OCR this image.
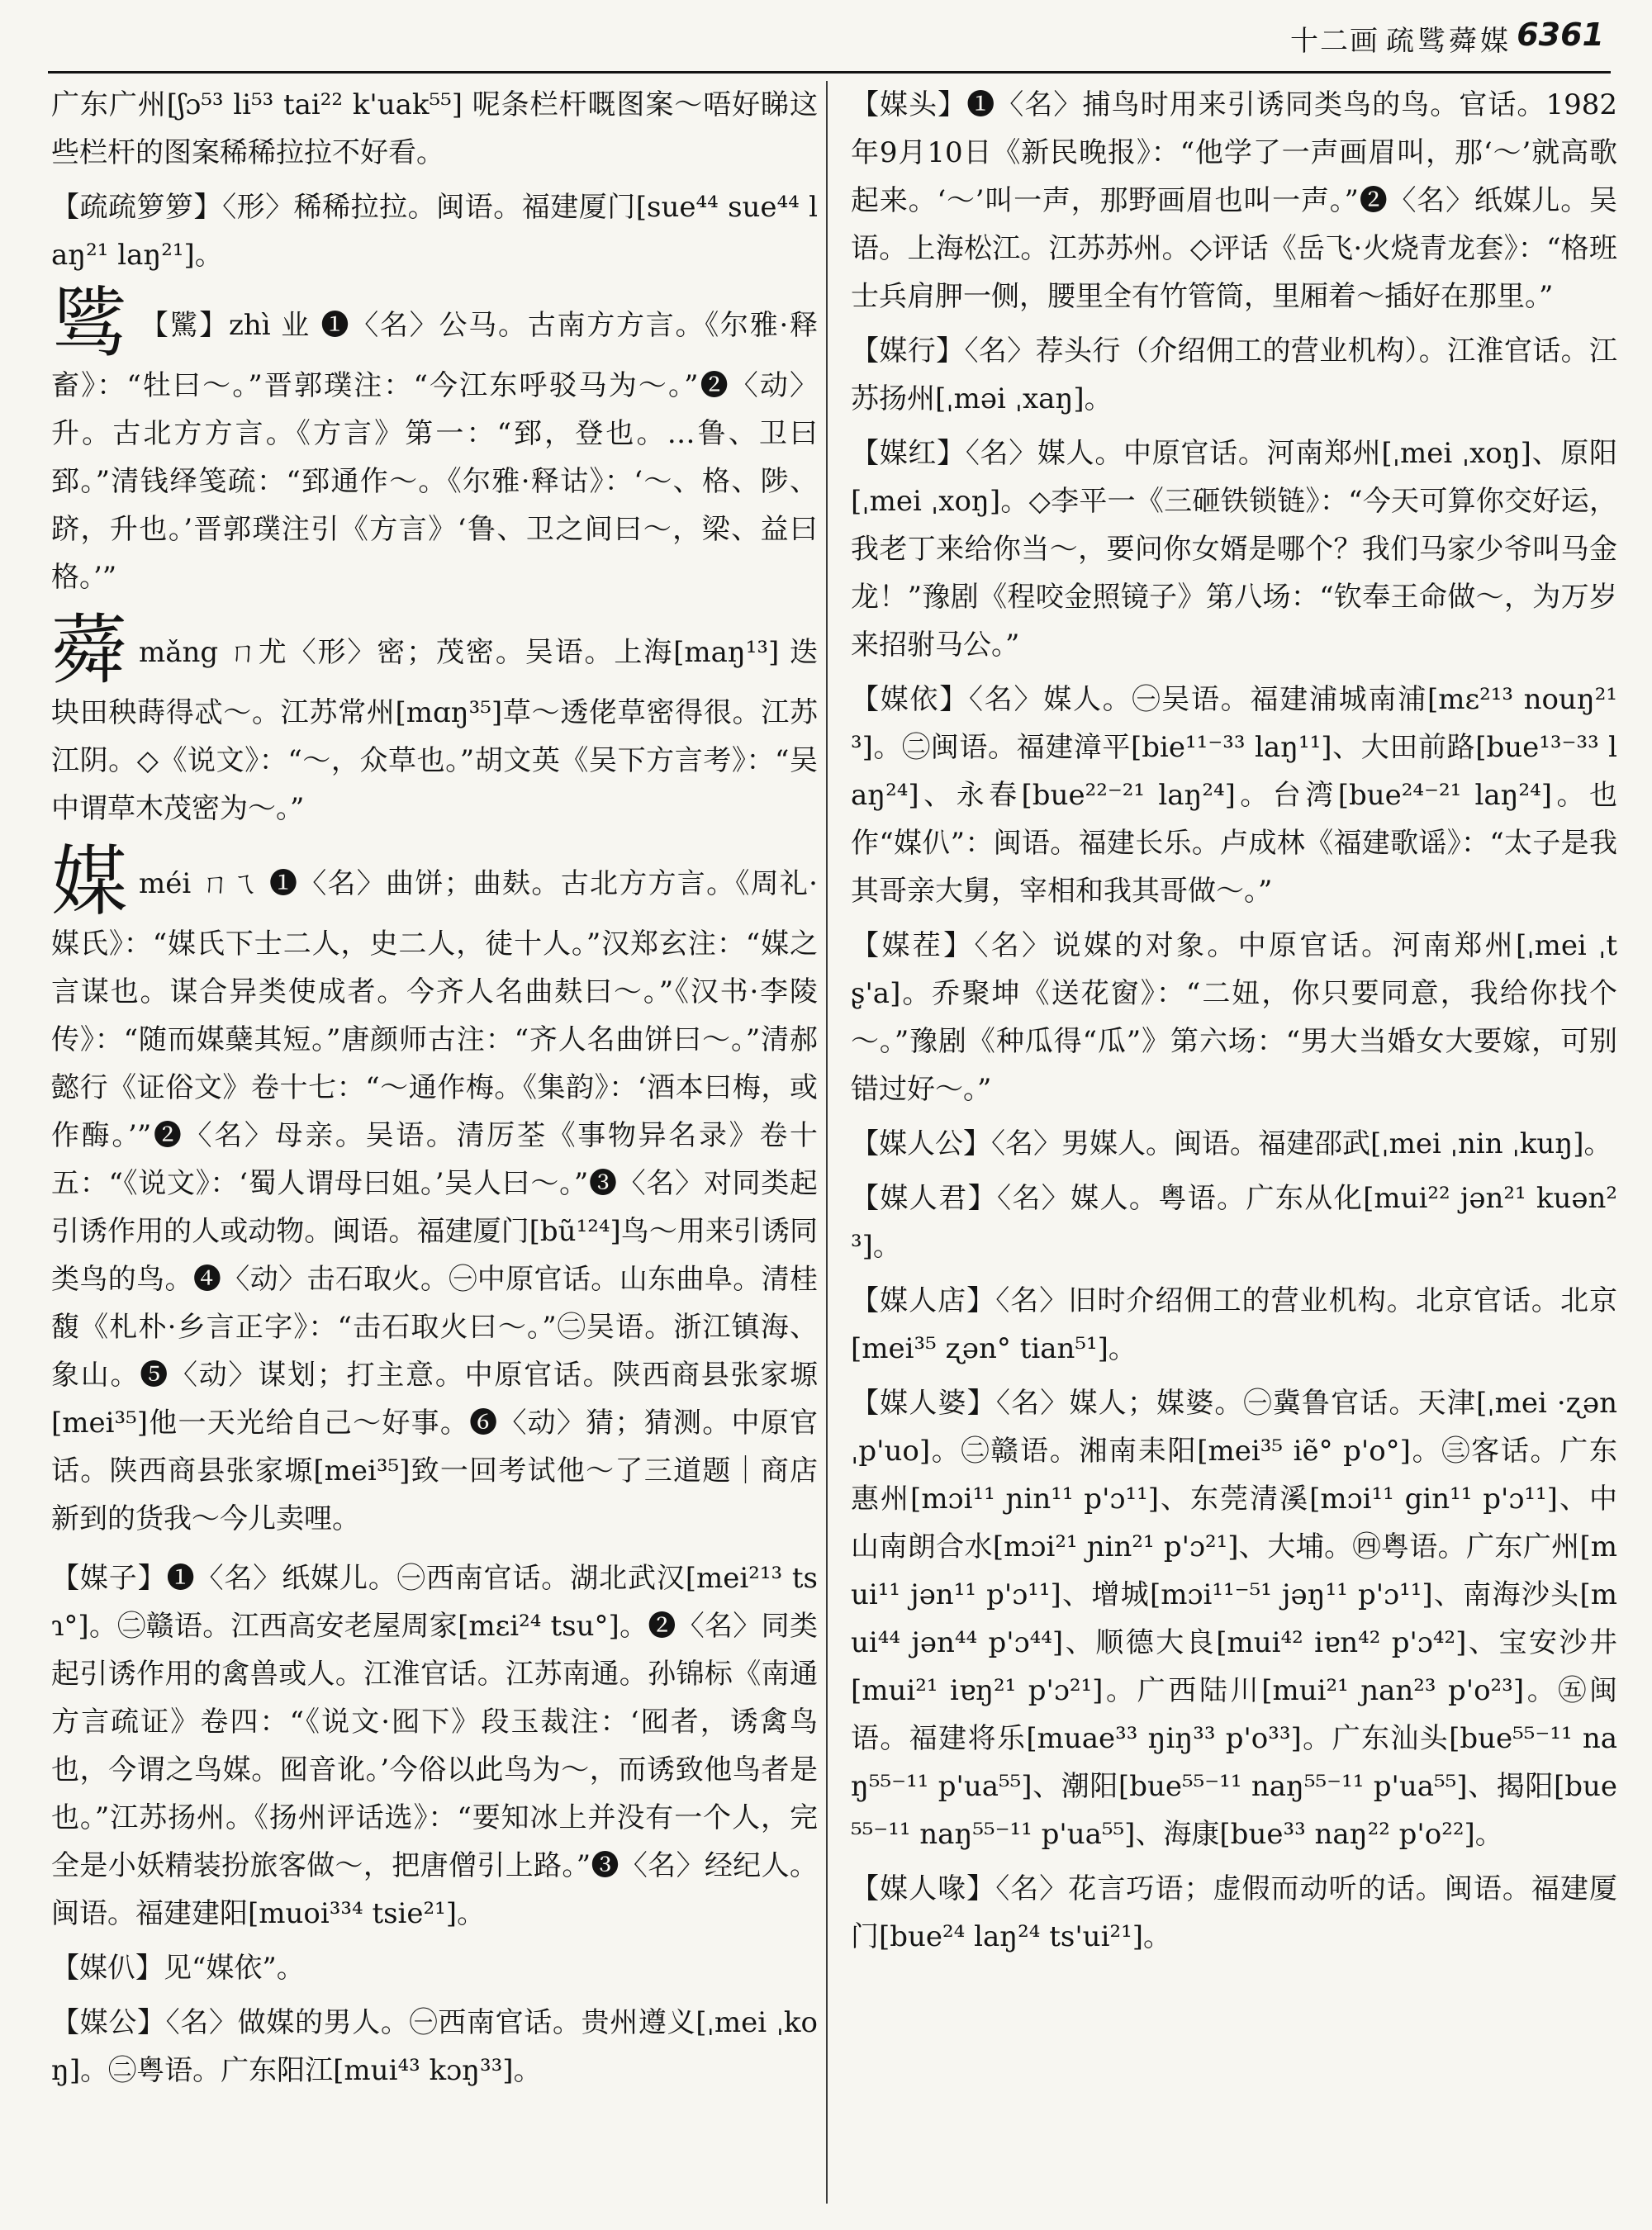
十二画 疏骘蕣媒 6361

广东广州[ʃɔ⁵³ li⁵³ tai²² k'uak⁵⁵] 呢条栏杆嘅图案～唔好睇这些栏杆的图案稀稀拉拉不好看。

【疏疏箩箩】〈形〉稀稀拉拉。闽语。福建厦门[sue⁴⁴ sue⁴⁴ laŋ²¹ laŋ²¹]。

骘 【騭】zhì 业 ❶〈名〉公马。古南方方言。《尔雅·释畜》：“牡曰～。”晋郭璞注：“今江东呼驳马为～。”❷〈动〉升。古北方方言。《方言》第一：“郅，登也。…鲁、卫曰郅。”清钱绎笺疏：“郅通作～。《尔雅·释诂》：‘～、格、陟、跻，升也。’晋郭璞注引《方言》‘鲁、卫之间曰～，梁、益曰格。’”

蕣mǎng ㄇ尤〈形〉密；茂密。吴语。上海[maŋ¹³] 迭块田秧蒔得忒～。江苏常州[mɑŋ³⁵]草～透佬草密得很。江苏江阴。◇《说文》：“～，众草也。”胡文英《吴下方言考》：“吴中谓草木茂密为～。”

媒méi ㄇㄟ ❶〈名〉曲饼；曲麸。古北方方言。《周礼·媒氏》：“媒氏下士二人，史二人，徒十人。”汉郑玄注：“媒之言谋也。谋合异类使成者。今齐人名曲麸曰～。”《汉书·李陵传》：“随而媒蘖其短。”唐颜师古注：“齐人名曲饼曰～。”清郝懿行《证俗文》卷十七：“～通作梅。《集韵》：‘酒本曰梅，或作酶。’”❷〈名〉母亲。吴语。清厉荃《事物异名录》卷十五：“《说文》：‘蜀人谓母曰姐。’吴人曰～。”❸〈名〉对同类起引诱作用的人或动物。闽语。福建厦门[bũ¹²⁴]鸟～用来引诱同类鸟的鸟。❹〈动〉击石取火。㊀中原官话。山东曲阜。清桂馥《札朴·乡言正字》：“击石取火曰～。”㊁吴语。浙江镇海、象山。❺〈动〉谋划；打主意。中原官话。陕西商县张家塬[mei³⁵]他一天光给自己～好事。❻〈动〉猜；猜测。中原官话。陕西商县张家塬[mei³⁵]致一回考试他～了三道题｜商店新到的货我～今儿卖哩。

【媒子】❶〈名〉纸媒儿。㊀西南官话。湖北武汉[mei²¹³ tsɿ°]。㊁赣语。江西高安老屋周家[mɛi²⁴ tsu°]。❷〈名〉同类起引诱作用的禽兽或人。江淮官话。江苏南通。孙锦标《南通方言疏证》卷四：“《说文·囮下》段玉裁注：‘囮者，诱禽鸟也，今谓之鸟媒。囮音讹。’今俗以此鸟为～，而诱致他鸟者是也。”江苏扬州。《扬州评话选》：“要知冰上并没有一个人，完全是小妖精装扮旅客做～，把唐僧引上路。”❸〈名〉经纪人。闽语。福建建阳[muoi³³⁴ tsie²¹]。

【媒仈】见“媒依”。

【媒公】〈名〉做媒的男人。㊀西南官话。贵州遵义[ˌmei ˌkoŋ]。㊁粤语。广东阳江[mui⁴³ kɔŋ³³]。

【媒头】❶〈名〉捕鸟时用来引诱同类鸟的鸟。官话。1982年9月10日《新民晚报》：“他学了一声画眉叫，那‘～’就高歌起来。‘～’叫一声，那野画眉也叫一声。”❷〈名〉纸媒儿。吴语。上海松江。江苏苏州。◇评话《岳飞·火烧青龙套》：“格班士兵肩胛一侧，腰里全有竹管筒，里厢着～插好在那里。”

【媒行】〈名〉荐头行（介绍佣工的营业机构）。江淮官话。江苏扬州[ˌməi ˌxaŋ]。

【媒红】〈名〉媒人。中原官话。河南郑州[ˌmei ˌxoŋ]、原阳[ˌmei ˌxoŋ]。◇李平一《三砸铁锁链》：“今天可算你交好运，我老丁来给你当～，要问你女婿是哪个？我们马家少爷叫马金龙！”豫剧《程咬金照镜子》第八场：“钦奉王命做～，为万岁来招驸马公。”

【媒依】〈名〉媒人。㊀吴语。福建浦城南浦[mɛ²¹³ nouŋ²¹³]。㊁闽语。福建漳平[bie¹¹⁻³³ laŋ¹¹]、大田前路[bue¹³⁻³³ laŋ²⁴]、永春[bue²²⁻²¹ laŋ²⁴]。台湾[bue²⁴⁻²¹ laŋ²⁴]。也作“媒仈”：闽语。福建长乐。卢成林《福建歌谣》：“太子是我其哥亲大舅，宰相和我其哥做～。”

【媒茬】〈名〉说媒的对象。中原官话。河南郑州[ˌmei ˌtʂ'a]。乔聚坤《送花窗》：“二妞，你只要同意，我给你找个～。”豫剧《种瓜得“瓜”》第六场：“男大当婚女大要嫁，可别错过好～。”

【媒人公】〈名〉男媒人。闽语。福建邵武[ˌmei ˌnin ˌkuŋ]。

【媒人君】〈名〉媒人。粤语。广东从化[mui²² jən²¹ kuən²³]。

【媒人店】〈名〉旧时介绍佣工的营业机构。北京官话。北京[mei³⁵ ʐən° tian⁵¹]。

【媒人婆】〈名〉媒人；媒婆。㊀冀鲁官话。天津[ˌmei ·ʐən ˌp'uo]。㊁赣语。湘南耒阳[mei³⁵ iẽ° p'o°]。㊂客话。广东惠州[mɔi¹¹ ɲin¹¹ p'ɔ¹¹]、东莞清溪[mɔi¹¹ gin¹¹ p'ɔ¹¹]、中山南朗合水[mɔi²¹ ɲin²¹ p'ɔ²¹]、大埔。㊃粤语。广东广州[mui¹¹ jən¹¹ p'ɔ¹¹]、增城[mɔi¹¹⁻⁵¹ jəŋ¹¹ p'ɔ¹¹]、南海沙头[mui⁴⁴ jən⁴⁴ p'ɔ⁴⁴]、顺德大良[mui⁴² iɐn⁴² p'ɔ⁴²]、宝安沙井[mui²¹ iɐŋ²¹ p'ɔ²¹]。广西陆川[mui²¹ ɲan²³ p'o²³]。㊄闽语。福建将乐[muae³³ ŋiŋ³³ p'o³³]。广东汕头[bue⁵⁵⁻¹¹ naŋ⁵⁵⁻¹¹ p'ua⁵⁵]、潮阳[bue⁵⁵⁻¹¹ naŋ⁵⁵⁻¹¹ p'ua⁵⁵]、揭阳[bue⁵⁵⁻¹¹ naŋ⁵⁵⁻¹¹ p'ua⁵⁵]、海康[bue³³ naŋ²² p'o²²]。

【媒人喙】〈名〉花言巧语；虚假而动听的话。闽语。福建厦门[bue²⁴ laŋ²⁴ ts'ui²¹]。
